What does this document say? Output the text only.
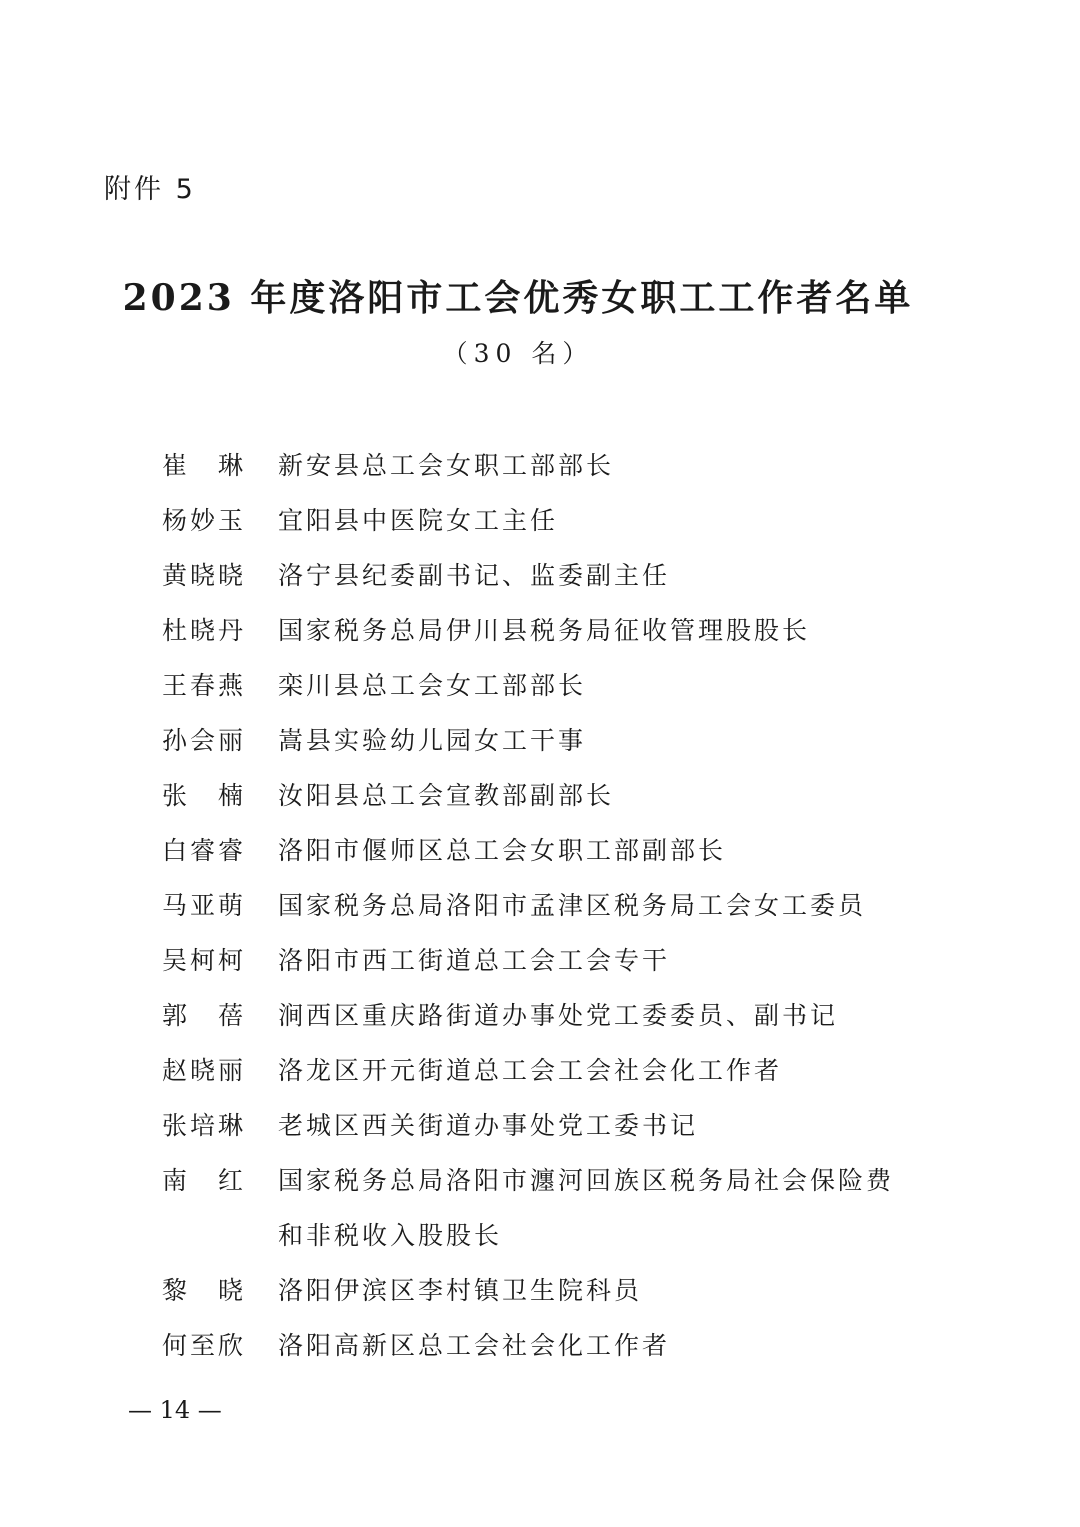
附件 5
2023 年度洛阳市工会优秀女职工工作者名单
（30 名）
崔　琳	新安县总工会女职工部部长
杨妙玉	宜阳县中医院女工主任
黄晓晓	洛宁县纪委副书记、监委副主任
杜晓丹	国家税务总局伊川县税务局征收管理股股长
王春燕	栾川县总工会女工部部长
孙会丽	嵩县实验幼儿园女工干事
张　楠	汝阳县总工会宣教部副部长
白睿睿	洛阳市偃师区总工会女职工部副部长
马亚萌	国家税务总局洛阳市孟津区税务局工会女工委员
吴柯柯	洛阳市西工街道总工会工会专干
郭　蓓	涧西区重庆路街道办事处党工委委员、副书记
赵晓丽	洛龙区开元街道总工会工会社会化工作者
张培琳	老城区西关街道办事处党工委书记
南　红	国家税务总局洛阳市瀍河回族区税务局社会保险费和非税收入股股长
黎　晓	洛阳伊滨区李村镇卫生院科员
何至欣	洛阳高新区总工会社会化工作者
— 14 —
